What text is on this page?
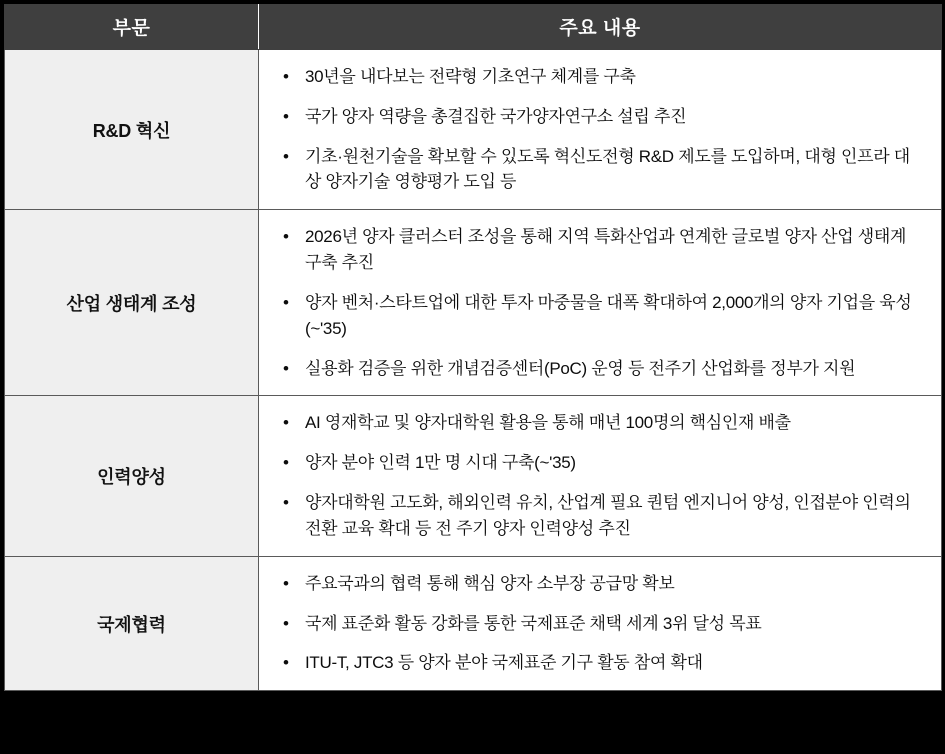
부문	주요 내용
R&D 혁신	
• 30년을 내다보는 전략형 기초연구 체계를 구축
• 국가 양자 역량을 총결집한 국가양자연구소 설립 추진
• 기초·원천기술을 확보할 수 있도록 혁신도전형 R&D 제도를 도입하며, 대형 인프라 대상 양자기술 영향평가 도입 등

산업 생태계 조성	
• 2026년 양자 클러스터 조성을 통해 지역 특화산업과 연계한 글로벌 양자 산업 생태계 구축 추진
• 양자 벤처·스타트업에 대한 투자 마중물을 대폭 확대하여 2,000개의 양자 기업을 육성(~'35)
• 실용화 검증을 위한 개념검증센터(PoC) 운영 등 전주기 산업화를 정부가 지원

인력양성	
• AI 영재학교 및 양자대학원 활용을 통해 매년 100명의 핵심인재 배출
• 양자 분야 인력 1만 명 시대 구축(~'35)
• 양자대학원 고도화, 해외인력 유치, 산업계 필요 퀀텀 엔지니어 양성, 인접분야 인력의 전환 교육 확대 등 전 주기 양자 인력양성 추진

국제협력	
• 주요국과의 협력 통해 핵심 양자 소부장 공급망 확보
• 국제 표준화 활동 강화를 통한 국제표준 채택 세계 3위 달성 목표
• ITU-T, JTC3 등 양자 분야 국제표준 기구 활동 참여 확대
